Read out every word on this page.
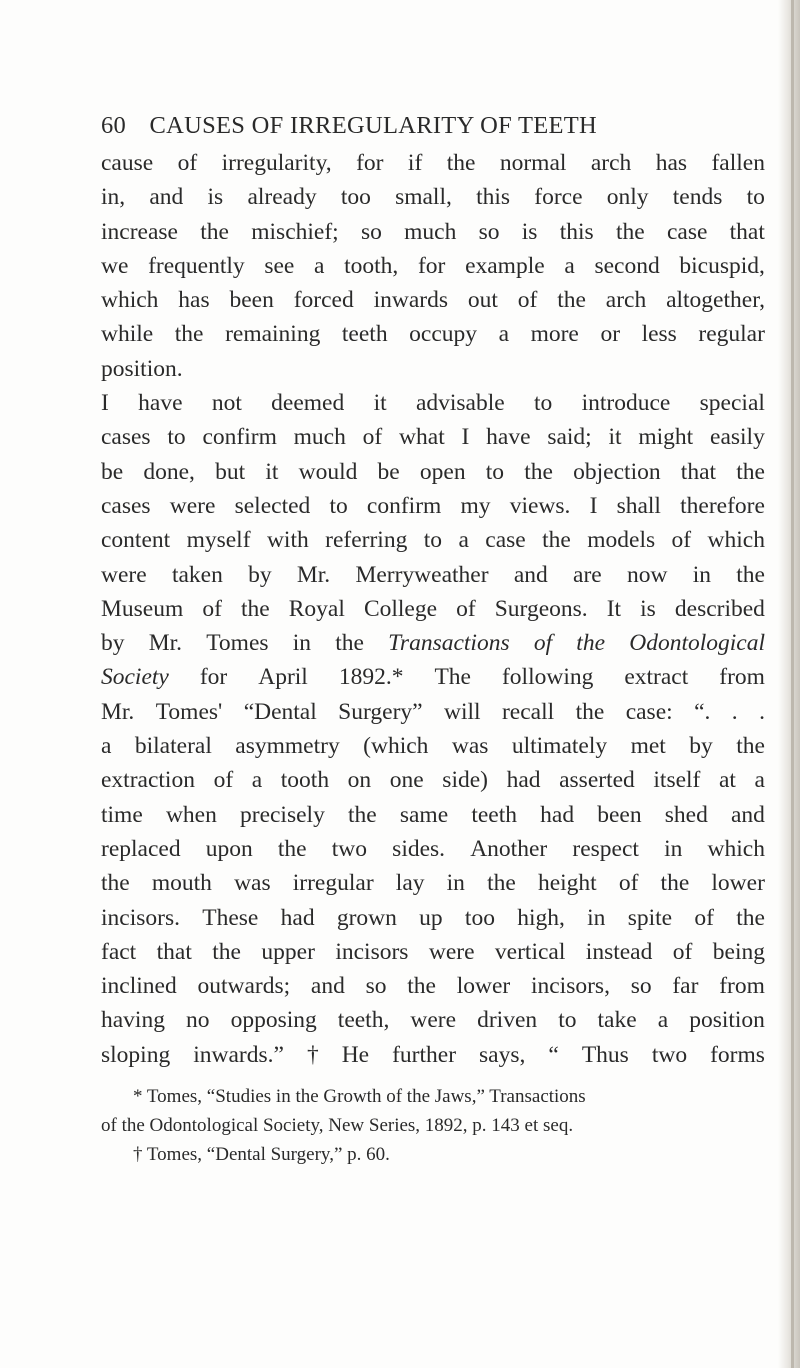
60 CAUSES OF IRREGULARITY OF TEETH
cause of irregularity, for if the normal arch has fallen
in, and is already too small, this force only tends to
increase the mischief; so much so is this the case that
we frequently see a tooth, for example a second bicuspid,
which has been forced inwards out of the arch altogether,
while the remaining teeth occupy a more or less regular
position.
I have not deemed it advisable to introduce special
cases to confirm much of what I have said; it might easily
be done, but it would be open to the objection that the
cases were selected to confirm my views. I shall therefore
content myself with referring to a case the models of which
were taken by Mr. Merryweather and are now in the
Museum of the Royal College of Surgeons. It is described
by Mr. Tomes in the Transactions of the Odontological
Society for April 1892.* The following extract from
Mr. Tomes' “Dental Surgery” will recall the case: “. . .
a bilateral asymmetry (which was ultimately met by the
extraction of a tooth on one side) had asserted itself at a
time when precisely the same teeth had been shed and
replaced upon the two sides. Another respect in which
the mouth was irregular lay in the height of the lower
incisors. These had grown up too high, in spite of the
fact that the upper incisors were vertical instead of being
inclined outwards; and so the lower incisors, so far from
having no opposing teeth, were driven to take a position
sloping inwards.” † He further says, “ Thus two forms
* Tomes, “Studies in the Growth of the Jaws,” Transactions
of the Odontological Society, New Series, 1892, p. 143 et seq.
† Tomes, “Dental Surgery,” p. 60.
